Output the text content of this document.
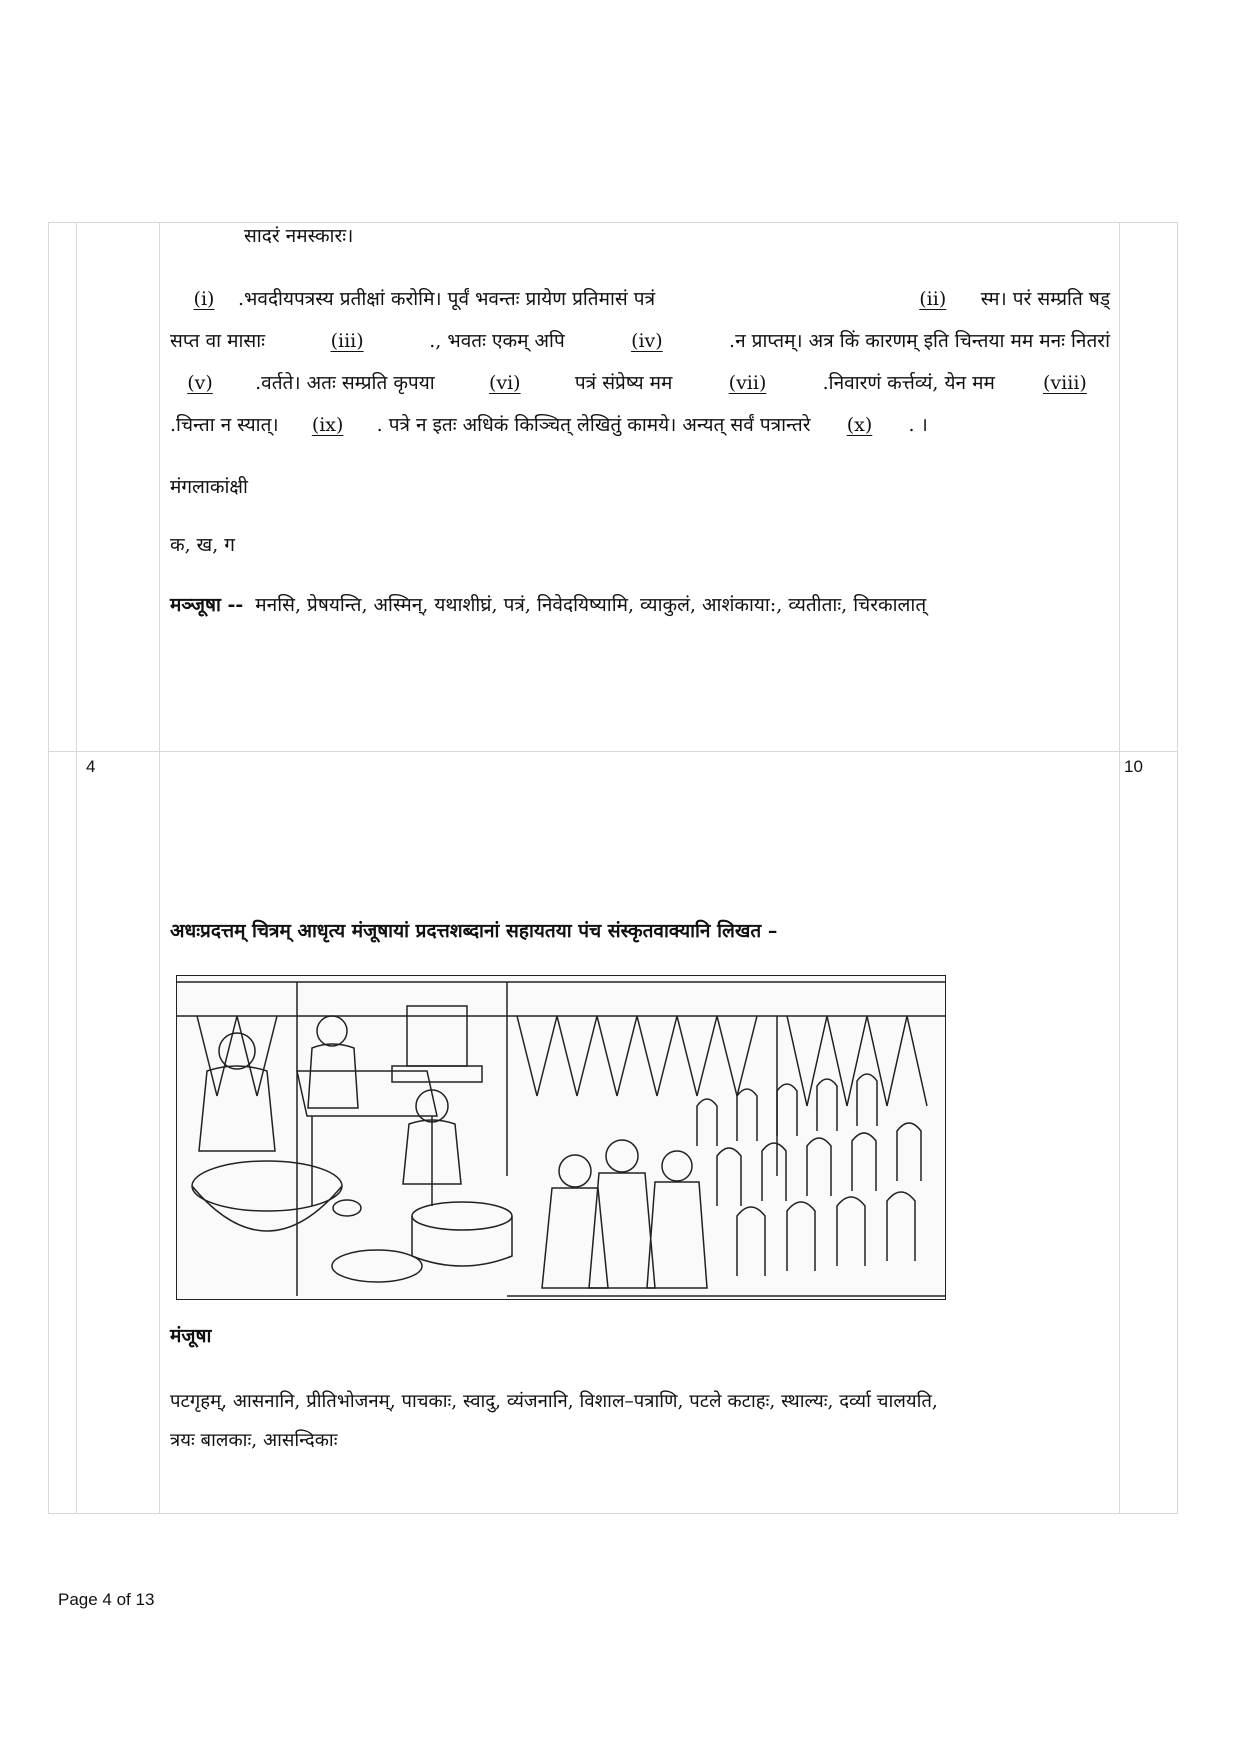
सादरं नमस्कारः।
(i) .भवदीयपत्रस्य प्रतीक्षां करोमि। पूर्वं भवन्तः प्रायेण प्रतिमासं पत्रं	(ii) स्म। परं सम्प्रति षड्
सप्त वा मासाः	(iii)	., भवतः एकम् अपि	(iv)	.न प्राप्तम्। अत्र किं कारणम् इति चिन्तया मम मनः नितरां
(v)	.वर्तते। अतः सम्प्रति कृपया	(vi)	पत्रं संप्रेष्य मम	(vii)	.निवारणं कर्त्तव्यं, येन मम	(viii)
.चिन्ता न स्यात्।	(ix)	. पत्रे न इतः अधिकं किञ्चित् लेखितुं कामये। अन्यत् सर्वं पत्रान्तरे	(x)	. ।
मंगलाकांक्षी
क, ख, ग
मञ्जूषा -- मनसि, प्रेषयन्ति, अस्मिन्, यथाशीघ्रं, पत्रं, निवेदयिष्यामि, व्याकुलं, आशंकाया:, व्यतीताः, चिरकालात्
4	10
अधःप्रदत्तम् चित्रम् आधृत्य मंजूषायां प्रदत्तशब्दानां सहायतया पंच संस्कृतवाक्यानि लिखत –
मंजूषा
पटगृहम्, आसनानि, प्रीतिभोजनम्, पाचकाः, स्वादु, व्यंजनानि, विशाल–पत्राणि, पटले कटाहः, स्थाल्यः, दर्व्या चालयति,
त्रयः बालकाः, आसन्दिकाः
Page 4 of 13
